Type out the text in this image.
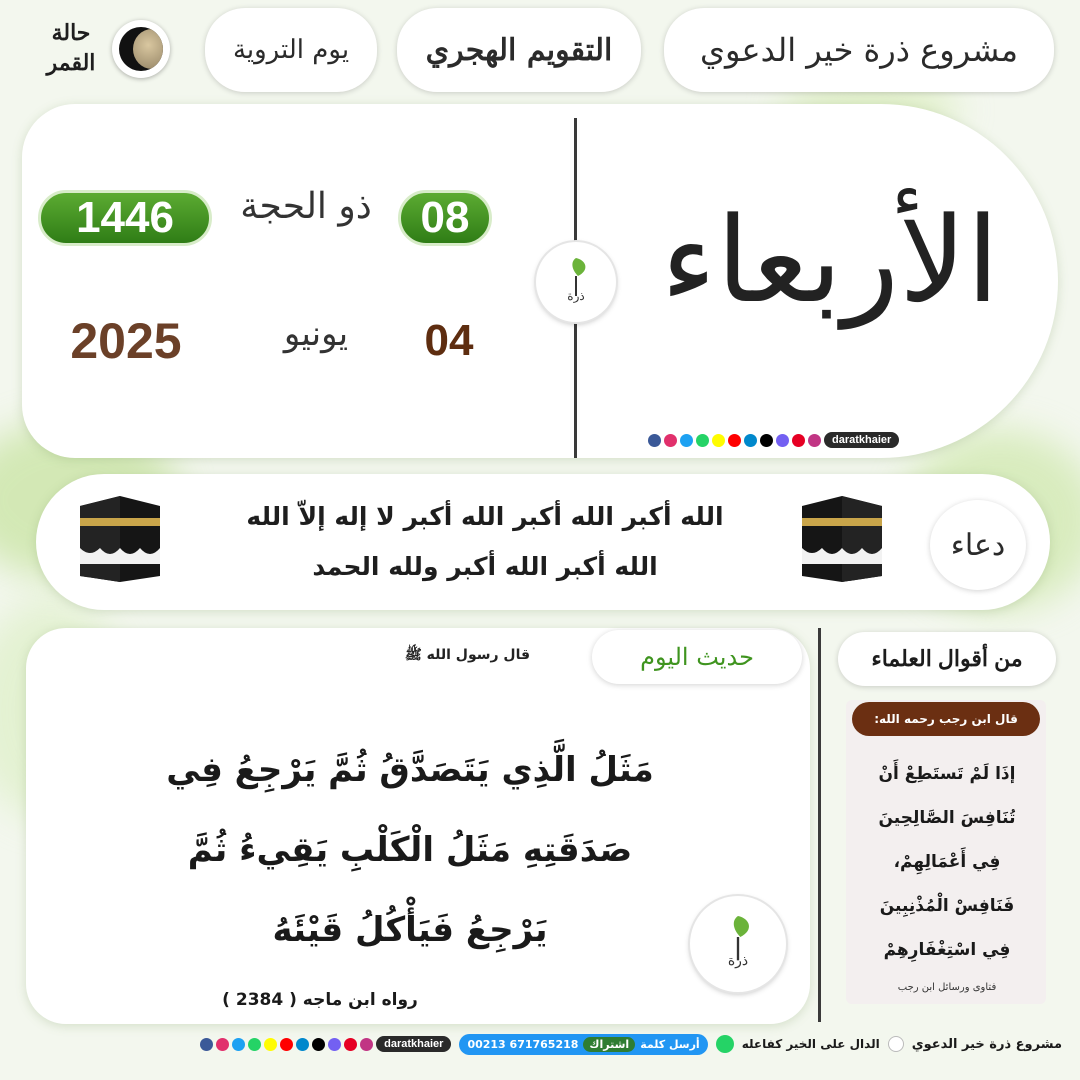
حالة
القمر	يوم التروية	التقويم الهجري	مشروع ذرة خير الدعوي
1446	ذو الحجة	08
2025	يونيو	04
ذرة الأربعاء
daratkhaier
الله أكبر الله أكبر الله أكبر لا إله إلاّ الله
الله أكبر الله أكبر ولله الحمد
دعاء
حديث اليوم
قال رسول الله ﷺ
مَثَلُ الَّذِي يَتَصَدَّقُ ثُمَّ يَرْجِعُ فِي
صَدَقَتِهِ مَثَلُ الْكَلْبِ يَقِيءُ ثُمَّ
يَرْجِعُ فَيَأْكُلُ قَيْئَهُ
رواه ابن ماجه ( 2384 )
ذرة
من أقوال العلماء
قال ابن رجب رحمه الله:
إذَا لَمْ تَستَطِعْ أَنْ
تُنَافِسَ الصَّالِحِينَ
فِي أَعْمَالِهِمْ،
فَنَافِسْ الْمُذْنِبِينَ
فِي اسْتِغْفَارِهِمْ
فتاوى ورسائل ابن رجب
مشروع ذرة خير الدعوي
الدال على الخير كفاعله
أرسل كلمة
اشتراك
00213 671765218
daratkhaier
